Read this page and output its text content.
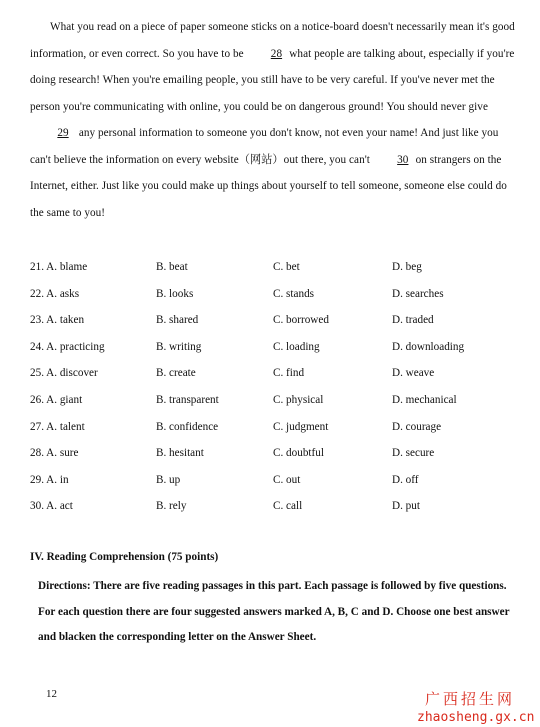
What you read on a piece of paper someone sticks on a notice-board doesn't necessarily mean it's good information, or even correct. So you have to be 28 what people are talking about, especially if you're doing research! When you're emailing people, you still have to be very careful. If you've never met the person you're communicating with online, you could be on dangerous ground! You should never give 29 any personal information to someone you don't know, not even your name! And just like you can't believe the information on every website（网站）out there, you can't 30 on strangers on the Internet, either. Just like you could make up things about yourself to tell someone, someone else could do the same to you!

21. A. blame	B. beat	C. bet	D. beg
22. A. asks	B. looks	C. stands	D. searches
23. A. taken	B. shared	C. borrowed	D. traded
24. A. practicing	B. writing	C. loading	D. downloading
25. A. discover	B. create	C. find	D. weave
26. A. giant	B. transparent	C. physical	D. mechanical
27. A. talent	B. confidence	C. judgment	D. courage
28. A. sure	B. hesitant	C. doubtful	D. secure
29. A. in	B. up	C. out	D. off
30. A. act	B. rely	C. call	D. put
IV. Reading Comprehension (75 points)

Directions: There are five reading passages in this part. Each passage is followed by five questions. For each question there are four suggested answers marked A, B, C and D. Choose one best answer and blacken the corresponding letter on the Answer Sheet.

12	广西招生网
zhaosheng.gx.cn
